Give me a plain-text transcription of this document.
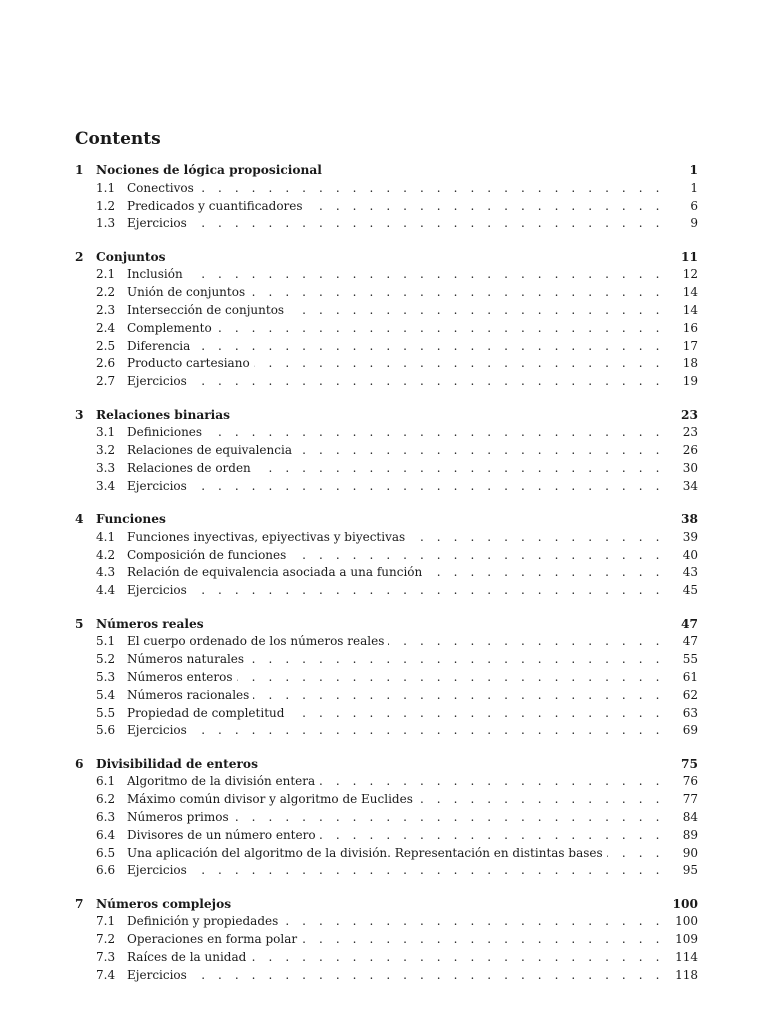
Contents
1	Nociones de lógica proposicional	1
1.1 Conectivos . . .	1
1.2 Predicados y cuantificadores . . .	6
1.3 Ejercicios . . .	9
2	Conjuntos	11
2.1 Inclusión . . .	12
2.2 Unión de conjuntos . . .	14
2.3 Intersección de conjuntos . . .	14
2.4 Complemento . . .	16
2.5 Diferencia . . .	17
2.6 Producto cartesiano . . .	18
2.7 Ejercicios . . .	19
3	Relaciones binarias	23
3.1 Definiciones . . .	23
3.2 Relaciones de equivalencia . . .	26
3.3 Relaciones de orden . . .	30
3.4 Ejercicios . . .	34
4	Funciones	38
4.1 Funciones inyectivas, epiyectivas y biyectivas . . .	39
4.2 Composición de funciones . . .	40
4.3 Relación de equivalencia asociada a una función . . .	43
4.4 Ejercicios . . .	45
5	Números reales	47
5.1 El cuerpo ordenado de los números reales . . .	47
5.2 Números naturales . . .	55
5.3 Números enteros . . .	61
5.4 Números racionales . . .	62
5.5 Propiedad de completitud . . .	63
5.6 Ejercicios . . .	69
6	Divisibilidad de enteros	75
6.1 Algoritmo de la división entera . . .	76
6.2 Máximo común divisor y algoritmo de Euclides . . .	77
6.3 Números primos . . .	84
6.4 Divisores de un número entero . . .	89
6.5 Una aplicación del algoritmo de la división. Representación en distintas bases . . .	90
6.6 Ejercicios . . .	95
7	Números complejos	100
7.1 Definición y propiedades . . .	100
7.2 Operaciones en forma polar . . .	109
7.3 Raíces de la unidad . . .	114
7.4 Ejercicios . . .	118
